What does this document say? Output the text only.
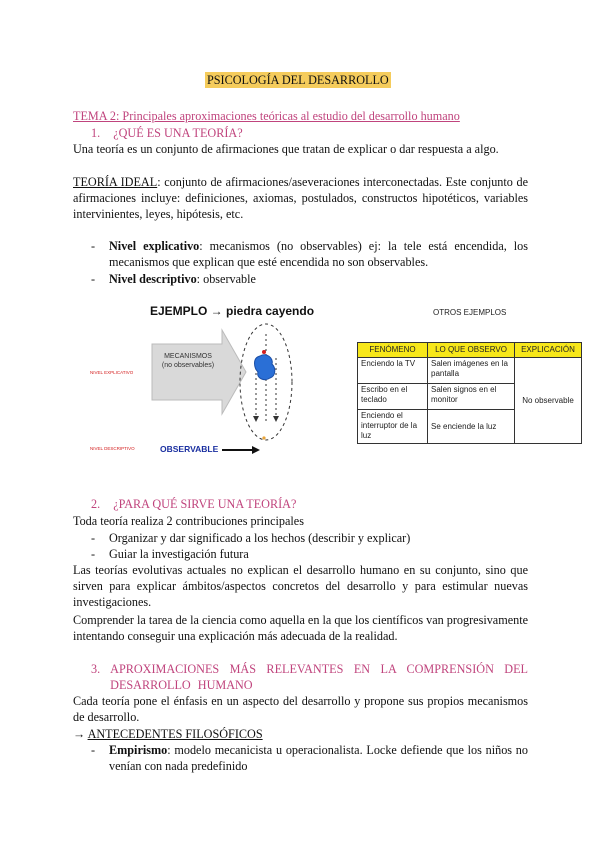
PSICOLOGÍA DEL DESARROLLO
TEMA 2: Principales aproximaciones teóricas al estudio del desarrollo humano
1. ¿QUÉ ES UNA TEORÍA?
Una teoría es un conjunto de afirmaciones que tratan de explicar o dar respuesta a algo.
TEORÍA IDEAL: conjunto de afirmaciones/aseveraciones interconectadas. Este conjunto de afirmaciones incluye: definiciones, axiomas, postulados, constructos hipotéticos, variables intervinientes, leyes, hipótesis, etc.
- Nivel explicativo: mecanismos (no observables) ej: la tele está encendida, los mecanismos que explican que esté encendida no son observables.
- Nivel descriptivo: observable
EJEMPLO → piedra cayendo
MECANISMOS (no observables)
NIVEL EXPLICATIVO
NIVEL DESCRIPTIVO	OBSERVABLE
OTROS EJEMPLOS
FENÓMENO	LO QUE OBSERVO	EXPLICACIÓN
Enciendo la TV	Salen imágenes en la pantalla	No observable
Escribo en el teclado	Salen signos en el monitor	
Enciendo el interruptor de la luz	Se enciende la luz	
2. ¿PARA QUÉ SIRVE UNA TEORÍA?
Toda teoría realiza 2 contribuciones principales
- Organizar y dar significado a los hechos (describir y explicar)
- Guiar la investigación futura
Las teorías evolutivas actuales no explican el desarrollo humano en su conjunto, sino que sirven para explicar ámbitos/aspectos concretos del desarrollo y para estimular nuevas investigaciones.
Comprender la tarea de la ciencia como aquella en la que los científicos van progresivamente intentando conseguir una explicación más adecuada de la realidad.
3. APROXIMACIONES MÁS RELEVANTES EN LA COMPRENSIÓN DEL DESARROLLO HUMANO
Cada teoría pone el énfasis en un aspecto del desarrollo y propone sus propios mecanismos de desarrollo.
→ ANTECEDENTES FILOSÓFICOS
- Empirismo: modelo mecanicista u operacionalista. Locke defiende que los niños no venían con nada predefinido
